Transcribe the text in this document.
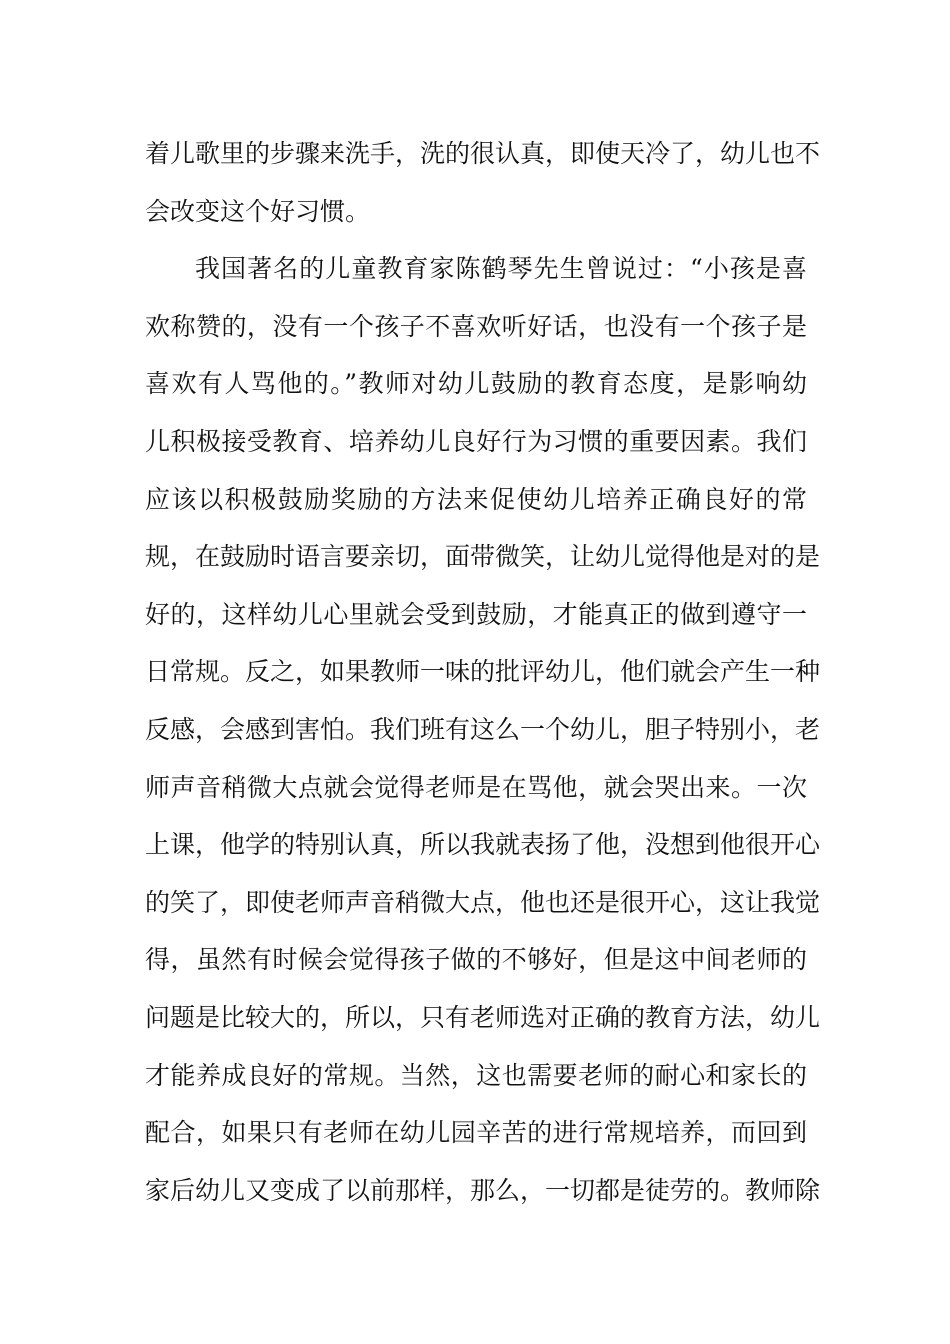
着儿歌里的步骤来洗手，洗的很认真，即使天冷了，幼儿也不
会改变这个好习惯。
我国著名的儿童教育家陈鹤琴先生曾说过：“小孩是喜
欢称赞的，没有一个孩子不喜欢听好话，也没有一个孩子是
喜欢有人骂他的。”教师对幼儿鼓励的教育态度，是影响幼
儿积极接受教育、培养幼儿良好行为习惯的重要因素。我们
应该以积极鼓励奖励的方法来促使幼儿培养正确良好的常
规，在鼓励时语言要亲切，面带微笑，让幼儿觉得他是对的是
好的，这样幼儿心里就会受到鼓励，才能真正的做到遵守一
日常规。反之，如果教师一味的批评幼儿，他们就会产生一种
反感，会感到害怕。我们班有这么一个幼儿，胆子特别小，老
师声音稍微大点就会觉得老师是在骂他，就会哭出来。一次
上课，他学的特别认真，所以我就表扬了他，没想到他很开心
的笑了，即使老师声音稍微大点，他也还是很开心，这让我觉
得，虽然有时候会觉得孩子做的不够好，但是这中间老师的
问题是比较大的，所以，只有老师选对正确的教育方法，幼儿
才能养成良好的常规。当然，这也需要老师的耐心和家长的
配合，如果只有老师在幼儿园辛苦的进行常规培养，而回到
家后幼儿又变成了以前那样，那么，一切都是徒劳的。教师除
